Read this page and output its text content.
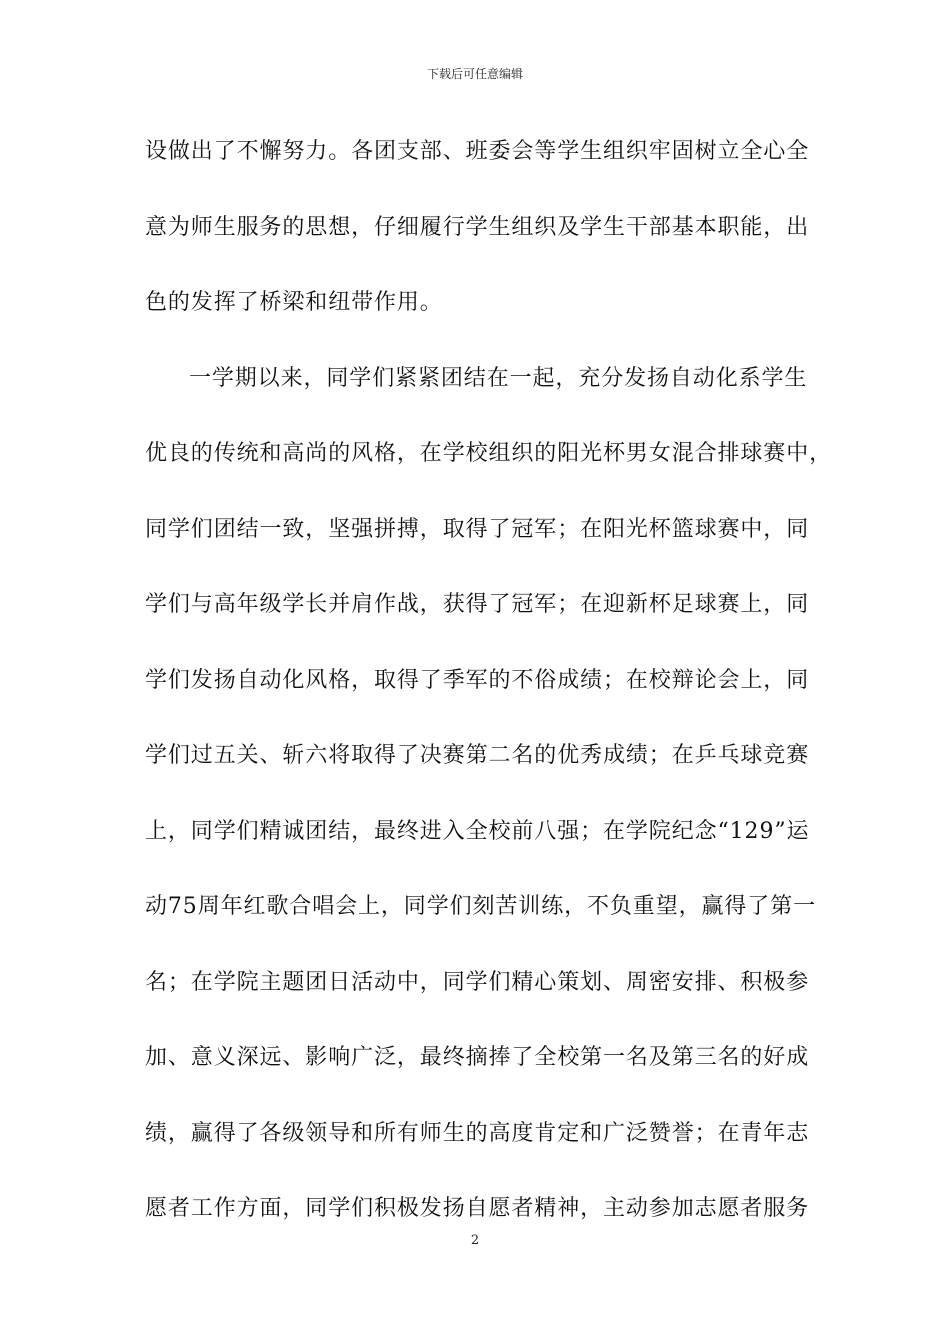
下载后可任意编辑
设做出了不懈努力。各团支部、班委会等学生组织牢固树立全心全
意为师生服务的思想，仔细履行学生组织及学生干部基本职能，出
色的发挥了桥梁和纽带作用。
一学期以来，同学们紧紧团结在一起，充分发扬自动化系学生
优良的传统和高尚的风格，在学校组织的阳光杯男女混合排球赛中，
同学们团结一致，坚强拼搏，取得了冠军；在阳光杯篮球赛中，同
学们与高年级学长并肩作战，获得了冠军；在迎新杯足球赛上，同
学们发扬自动化风格，取得了季军的不俗成绩；在校辩论会上，同
学们过五关、斩六将取得了决赛第二名的优秀成绩；在乒乓球竞赛
上，同学们精诚团结，最终进入全校前八强；在学院纪念“129”运
动75周年红歌合唱会上，同学们刻苦训练，不负重望，赢得了第一
名；在学院主题团日活动中，同学们精心策划、周密安排、积极参
加、意义深远、影响广泛，最终摘捧了全校第一名及第三名的好成
绩，赢得了各级领导和所有师生的高度肯定和广泛赞誉；在青年志
愿者工作方面，同学们积极发扬自愿者精神，主动参加志愿者服务
2
